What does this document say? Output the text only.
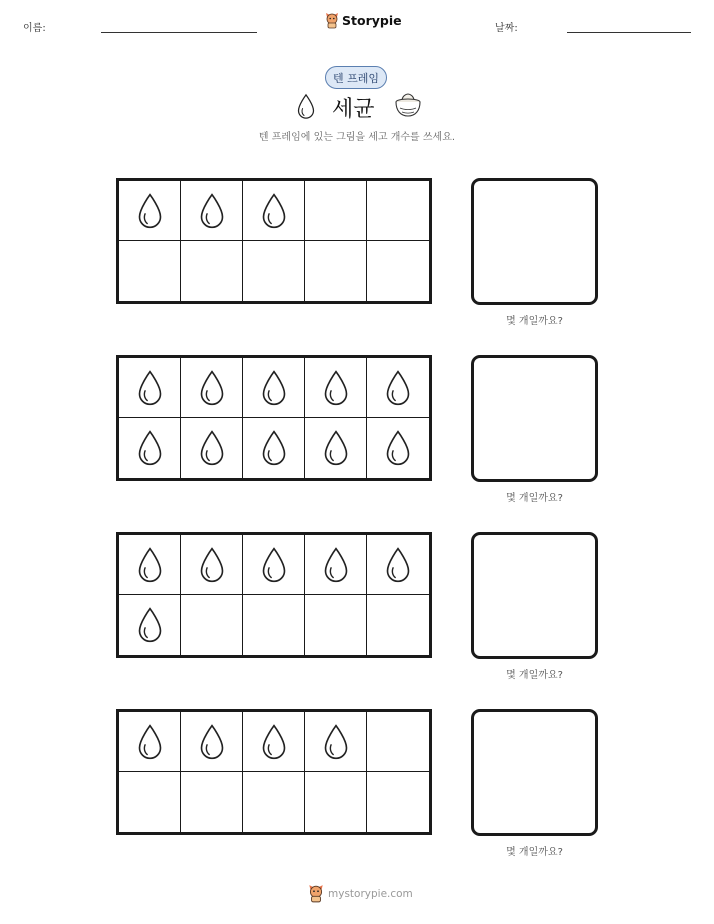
이름:
Storypie
날짜:
텐 프레임
세균
텐 프레임에 있는 그림을 세고 개수를 쓰세요.
몇 개일까요?
몇 개일까요?
몇 개일까요?
몇 개일까요?
mystorypie.com
